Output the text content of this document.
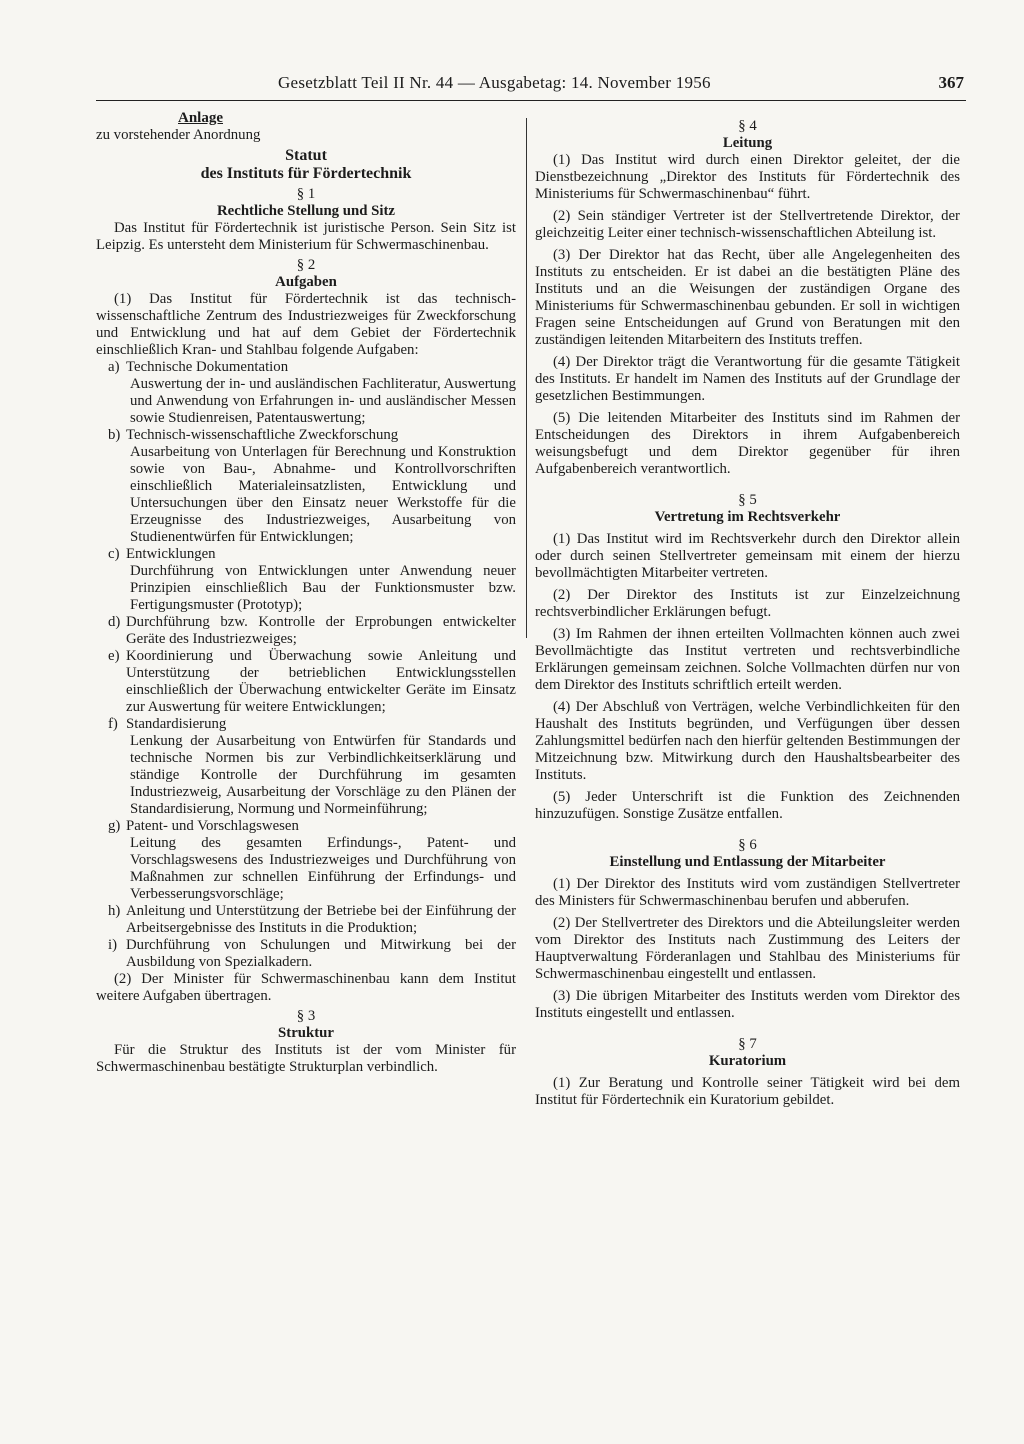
Gesetzblatt Teil II Nr. 44 — Ausgabetag: 14. November 1956	367
Anlage

zu vorstehender Anordnung

Statut
des Instituts für Fördertechnik
§ 1
Rechtliche Stellung und Sitz

Das Institut für Fördertechnik ist juristische Person. Sein Sitz ist Leipzig. Es untersteht dem Ministerium für Schwermaschinenbau.

§ 2
Aufgaben

(1) Das Institut für Fördertechnik ist das technisch-wissenschaftliche Zentrum des Industriezweiges für Zweckforschung und Entwicklung und hat auf dem Gebiet der Fördertechnik einschließlich Kran- und Stahlbau folgende Aufgaben:

a) Technische Dokumentation
Auswertung der in- und ausländischen Fachliteratur, Auswertung und Anwendung von Erfahrungen in- und ausländischer Messen sowie Studienreisen, Patentauswertung;
b) Technisch-wissenschaftliche Zweckforschung
Ausarbeitung von Unterlagen für Berechnung und Konstruktion sowie von Bau-, Abnahme- und Kontrollvorschriften einschließlich Materialeinsatzlisten, Entwicklung und Untersuchungen über den Einsatz neuer Werkstoffe für die Erzeugnisse des Industriezweiges, Ausarbeitung von Studienentwürfen für Entwicklungen;
c) Entwicklungen
Durchführung von Entwicklungen unter Anwendung neuer Prinzipien einschließlich Bau der Funktionsmuster bzw. Fertigungsmuster (Prototyp);
d) Durchführung bzw. Kontrolle der Erprobungen entwickelter Geräte des Industriezweiges;
e) Koordinierung und Überwachung sowie Anleitung und Unterstützung der betrieblichen Entwicklungsstellen einschließlich der Überwachung entwickelter Geräte im Einsatz zur Auswertung für weitere Entwicklungen;
f) Standardisierung
Lenkung der Ausarbeitung von Entwürfen für Standards und technische Normen bis zur Verbindlichkeitserklärung und ständige Kontrolle der Durchführung im gesamten Industriezweig, Ausarbeitung der Vorschläge zu den Plänen der Standardisierung, Normung und Normeinführung;
g) Patent- und Vorschlagswesen
Leitung des gesamten Erfindungs-, Patent- und Vorschlagswesens des Industriezweiges und Durchführung von Maßnahmen zur schnellen Einführung der Erfindungs- und Verbesserungsvorschläge;
h) Anleitung und Unterstützung der Betriebe bei der Einführung der Arbeitsergebnisse des Instituts in die Produktion;
i) Durchführung von Schulungen und Mitwirkung bei der Ausbildung von Spezialkadern.

(2) Der Minister für Schwermaschinenbau kann dem Institut weitere Aufgaben übertragen.

§ 3
Struktur

Für die Struktur des Instituts ist der vom Minister für Schwermaschinenbau bestätigte Strukturplan verbindlich.

§ 4
Leitung

(1) Das Institut wird durch einen Direktor geleitet, der die Dienstbezeichnung „Direktor des Instituts für Fördertechnik des Ministeriums für Schwermaschinenbau“ führt.

(2) Sein ständiger Vertreter ist der Stellvertretende Direktor, der gleichzeitig Leiter einer technisch-wissenschaftlichen Abteilung ist.

(3) Der Direktor hat das Recht, über alle Angelegenheiten des Instituts zu entscheiden. Er ist dabei an die bestätigten Pläne des Instituts und an die Weisungen der zuständigen Organe des Ministeriums für Schwermaschinenbau gebunden. Er soll in wichtigen Fragen seine Entscheidungen auf Grund von Beratungen mit den zuständigen leitenden Mitarbeitern des Instituts treffen.

(4) Der Direktor trägt die Verantwortung für die gesamte Tätigkeit des Instituts. Er handelt im Namen des Instituts auf der Grundlage der gesetzlichen Bestimmungen.

(5) Die leitenden Mitarbeiter des Instituts sind im Rahmen der Entscheidungen des Direktors in ihrem Aufgabenbereich weisungsbefugt und dem Direktor gegenüber für ihren Aufgabenbereich verantwortlich.

§ 5
Vertretung im Rechtsverkehr

(1) Das Institut wird im Rechtsverkehr durch den Direktor allein oder durch seinen Stellvertreter gemeinsam mit einem der hierzu bevollmächtigten Mitarbeiter vertreten.

(2) Der Direktor des Instituts ist zur Einzelzeichnung rechtsverbindlicher Erklärungen befugt.

(3) Im Rahmen der ihnen erteilten Vollmachten können auch zwei Bevollmächtigte das Institut vertreten und rechtsverbindliche Erklärungen gemeinsam zeichnen. Solche Vollmachten dürfen nur von dem Direktor des Instituts schriftlich erteilt werden.

(4) Der Abschluß von Verträgen, welche Verbindlichkeiten für den Haushalt des Instituts begründen, und Verfügungen über dessen Zahlungsmittel bedürfen nach den hierfür geltenden Bestimmungen der Mitzeichnung bzw. Mitwirkung durch den Haushaltsbearbeiter des Instituts.

(5) Jeder Unterschrift ist die Funktion des Zeichnenden hinzuzufügen. Sonstige Zusätze entfallen.

§ 6
Einstellung und Entlassung der Mitarbeiter

(1) Der Direktor des Instituts wird vom zuständigen Stellvertreter des Ministers für Schwermaschinenbau berufen und abberufen.

(2) Der Stellvertreter des Direktors und die Abteilungsleiter werden vom Direktor des Instituts nach Zustimmung des Leiters der Hauptverwaltung Förderanlagen und Stahlbau des Ministeriums für Schwermaschinenbau eingestellt und entlassen.

(3) Die übrigen Mitarbeiter des Instituts werden vom Direktor des Instituts eingestellt und entlassen.

§ 7
Kuratorium

(1) Zur Beratung und Kontrolle seiner Tätigkeit wird bei dem Institut für Fördertechnik ein Kuratorium gebildet.
